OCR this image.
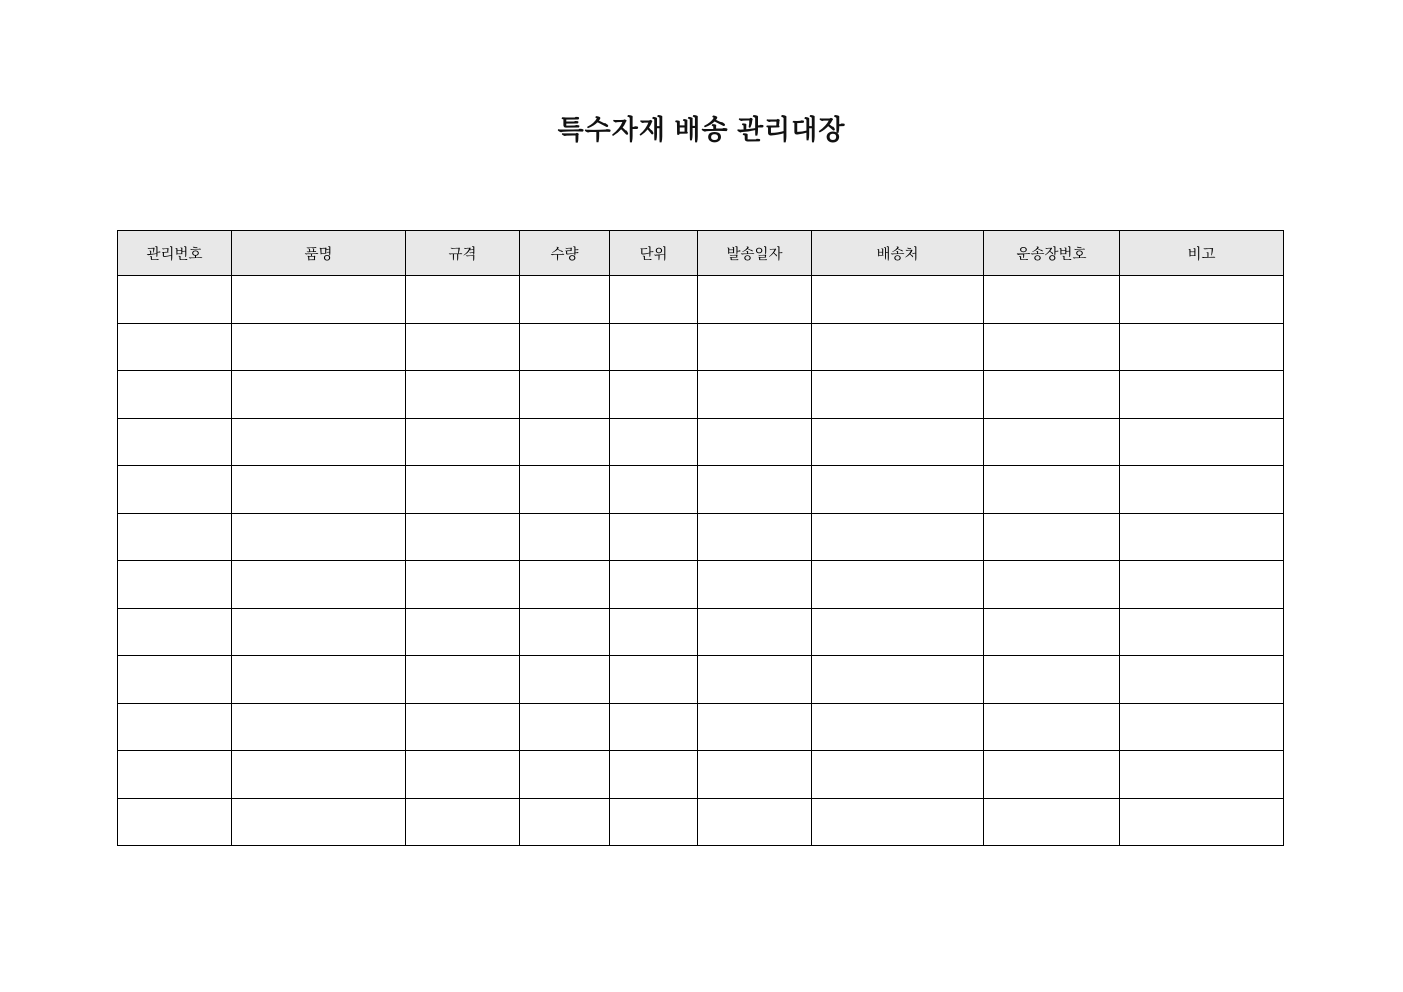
특수자재 배송 관리대장
관리번호	품명	규격	수량	단위	발송일자	배송처	운송장번호	비고
